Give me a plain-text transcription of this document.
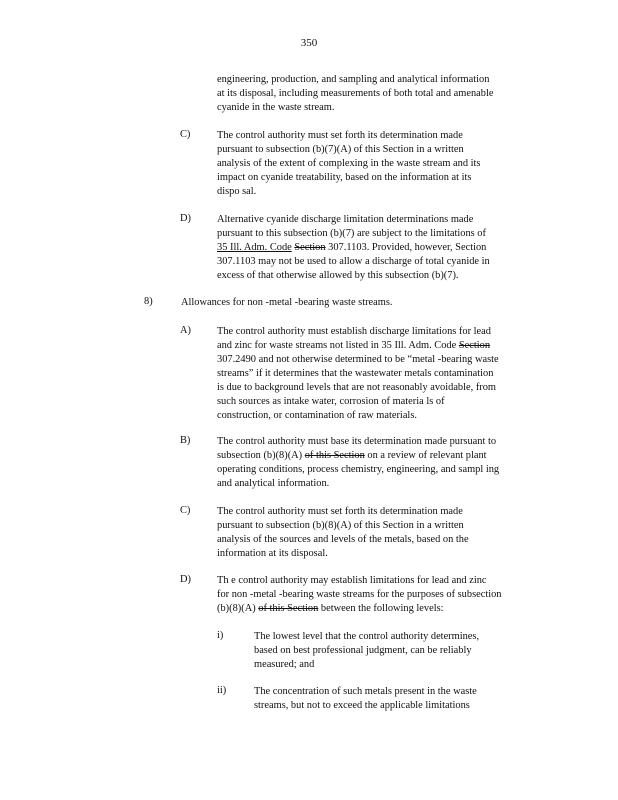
350
engineering, production, and sampling and analytical information
at its disposal, including measurements of both total and amenable
cyanide in the waste stream.
C)	The control authority must set forth its determination made
pursuant to subsection (b)(7)(A) of this Section in a written
analysis of the extent of complexing in the waste stream and its
impact on cyanide treatability, based on the information at its
dispo sal.
D)	Alternative cyanide discharge limitation determinations made
pursuant to this subsection (b)(7) are subject to the limitations of
35 Ill. Adm. Code Section 307.1103. Provided, however, Section
307.1103 may not be used to allow a discharge of total cyanide in
excess of that otherwise allowed by this subsection (b)(7).
8)	Allowances for non -metal -bearing waste streams.
A)	The control authority must establish discharge limitations for lead
and zinc for waste streams not listed in 35 Ill. Adm. Code Section
307.2490 and not otherwise determined to be “metal -bearing waste
streams” if it determines that the wastewater metals contamination
is due to background levels that are not reasonably avoidable, from
such sources as intake water, corrosion of materia ls of
construction, or contamination of raw materials.
B)	The control authority must base its determination made pursuant to
subsection (b)(8)(A) of this Section on a review of relevant plant
operating conditions, process chemistry, engineering, and sampl ing
and analytical information.
C)	The control authority must set forth its determination made
pursuant to subsection (b)(8)(A) of this Section in a written
analysis of the sources and levels of the metals, based on the
information at its disposal.
D)	Th e control authority may establish limitations for lead and zinc
for non -metal -bearing waste streams for the purposes of subsection
(b)(8)(A) of this Section between the following levels:
i)	The lowest level that the control authority determines,
based on best professional judgment, can be reliably
measured; and
ii)	The concentration of such metals present in the waste
streams, but not to exceed the applicable limitations
